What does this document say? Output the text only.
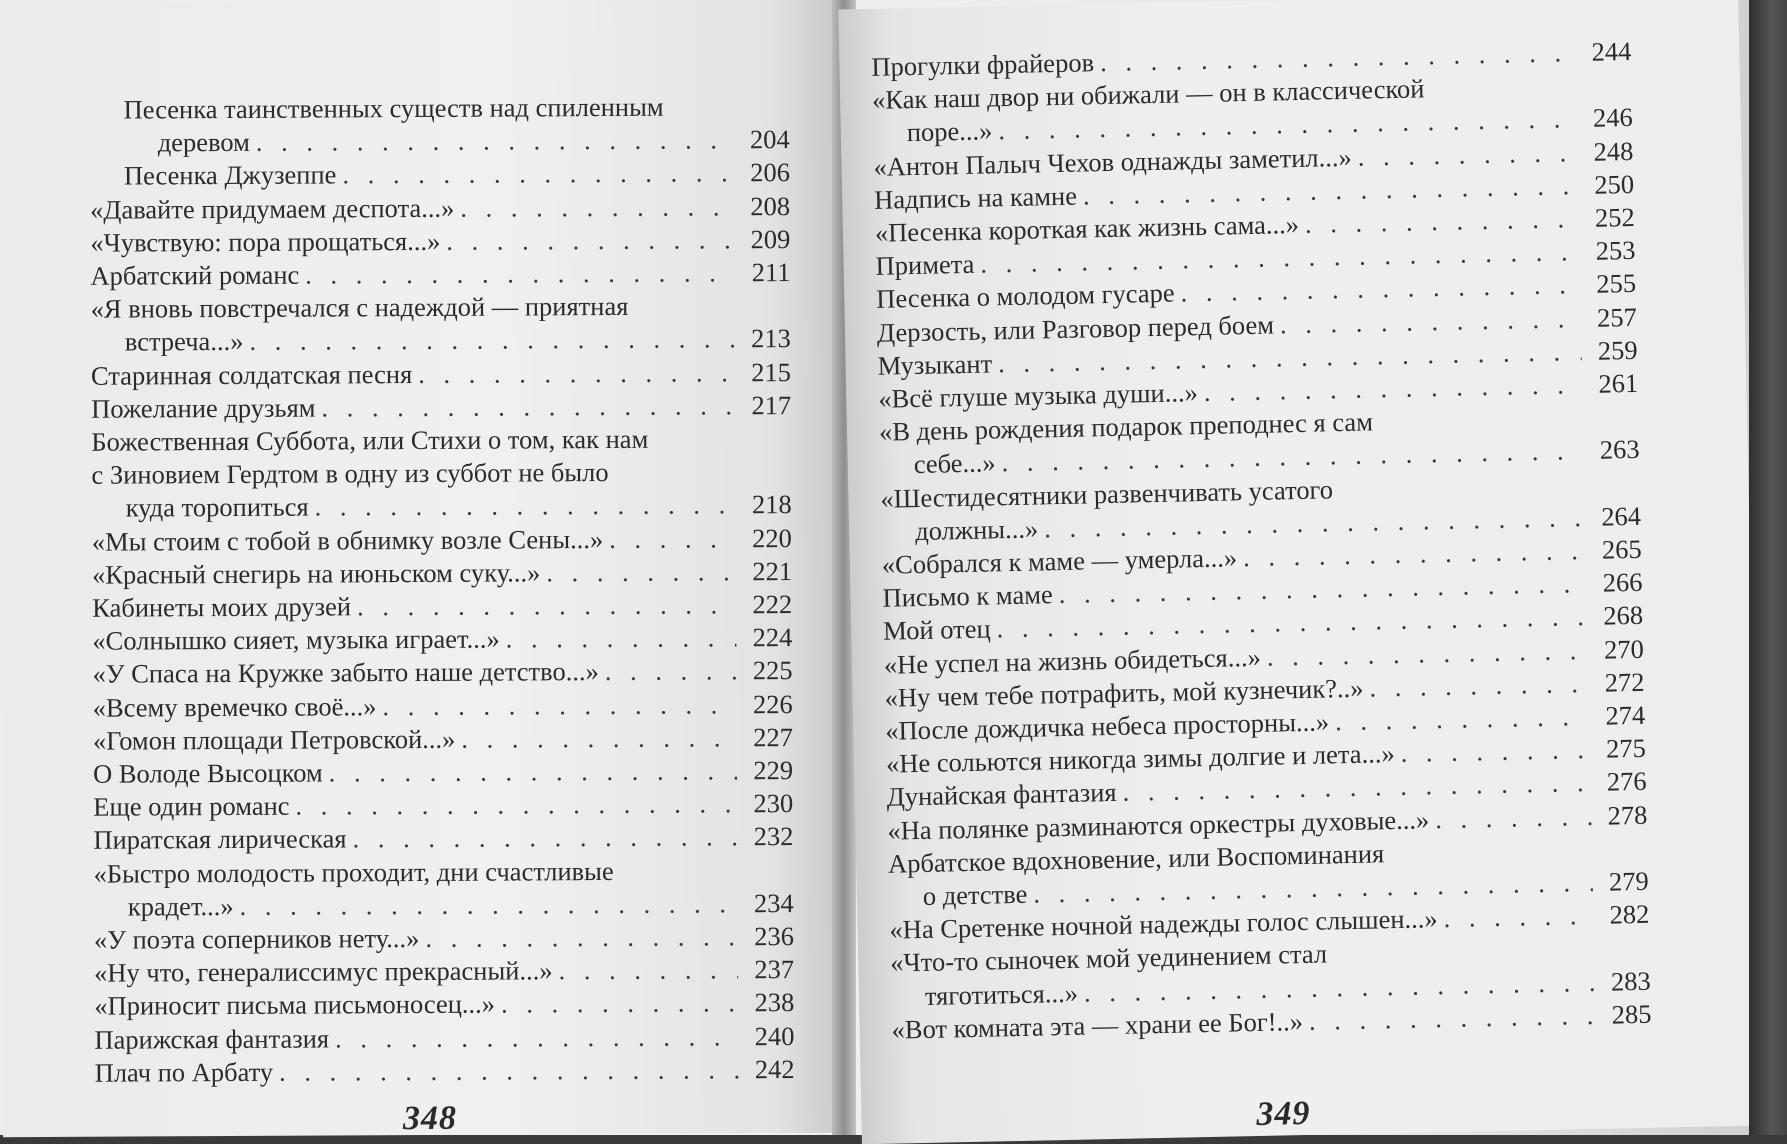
Песенка таинственных существ над спиленным
деревом . . .	204
Песенка Джузеппе . . .	206
«Давайте придумаем деспота...» . . .	208
«Чувствую: пора прощаться...» . . .	209
Арбатский романс . . .	211
«Я вновь повстречался с надеждой — приятная
встреча...» . . .	213
Старинная солдатская песня . . .	215
Пожелание друзьям . . .	217
Божественная Суббота, или Стихи о том, как нам
с Зиновием Гердтом в одну из суббот не было
куда торопиться . . .	218
«Мы стоим с тобой в обнимку возле Сены...» . . .	220
«Красный снегирь на июньском суку...» . . .	221
Кабинеты моих друзей . . .	222
«Солнышко сияет, музыка играет...» . . .	224
«У Спаса на Кружке забыто наше детство...» . . .	225
«Всему времечко своё...» . . .	226
«Гомон площади Петровской...» . . .	227
О Володе Высоцком . . .	229
Еще один романс . . .	230
Пиратская лирическая . . .	232
«Быстро молодость проходит, дни счастливые
крадет...» . . .	234
«У поэта соперников нету...» . . .	236
«Ну что, генералиссимус прекрасный...» . . .	237
«Приносит письма письмоносец...» . . .	238
Парижская фантазия . . .	240
Плач по Арбату . . .	242
348
Прогулки фрайеров . . .	244
«Как наш двор ни обижали — он в классической
поре...» . . .	246
«Антон Палыч Чехов однажды заметил...» . . .	248
Надпись на камне . . .	250
«Песенка короткая как жизнь сама...» . . .	252
Примета . . .	253
Песенка о молодом гусаре . . .	255
Дерзость, или Разговор перед боем . . .	257
Музыкант . . .	259
«Всё глуше музыка души...» . . .	261
«В день рождения подарок преподнес я сам
себе...» . . .	263
«Шестидесятники развенчивать усатого
должны...» . . .	264
«Собрался к маме — умерла...» . . .	265
Письмо к маме . . .	266
Мой отец . . .	268
«Не успел на жизнь обидеться...» . . .	270
«Ну чем тебе потрафить, мой кузнечик?..» . . .	272
«После дождичка небеса просторны...» . . .	274
«Не сольются никогда зимы долгие и лета...» . . .	275
Дунайская фантазия . . .	276
«На полянке разминаются оркестры духовые...» . . .	278
Арбатское вдохновение, или Воспоминания
о детстве . . .	279
«На Сретенке ночной надежды голос слышен...» . . .	282
«Что-то сыночек мой уединением стал
тяготиться...» . . .	283
«Вот комната эта — храни ее Бог!..» . . .	285
349
